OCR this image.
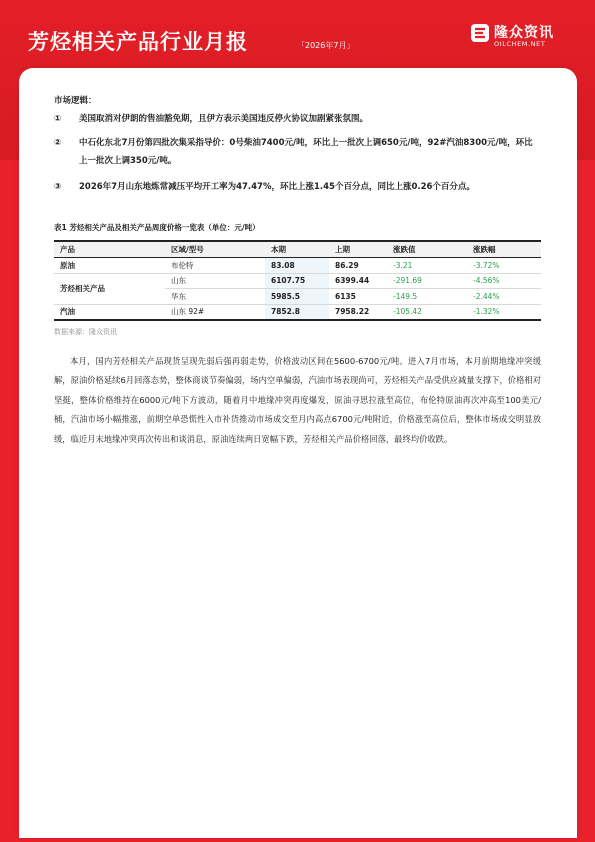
芳烃相关产品行业月报	「2026年7月」
隆众资讯
OILCHEM.NET
市场逻辑：
① 美国取消对伊朗的售油豁免期，且伊方表示美国违反停火协议加剧紧张氛围。
② 中石化东北7月份第四批次集采指导价：0号柴油7400元/吨，环比上一批次上调650元/吨，92#汽油8300元/吨，环比上一批次上调350元/吨。
③ 2026年7月山东地炼常减压平均开工率为47.47%，环比上涨1.45个百分点，同比上涨0.26个百分点。
表1 芳烃相关产品及相关产品周度价格一览表（单位：元/吨）
产品	区域/型号	本期	上期	涨跌值	涨跌幅
原油	布伦特	83.08	86.29	-3.21	-3.72%
芳烃相关产品	山东	6107.75	6399.44	-291.69	-4.56%
	华东	5985.5	6135	-149.5	-2.44%
汽油	山东 92#	7852.8	7958.22	-105.42	-1.32%
数据来源：隆众资讯
本月，国内芳烃相关产品现货呈现先弱后强再弱走势，价格波动区间在5600-6700元/吨。进入7月市场，本月前期地缘冲突缓解，原油价格延续6月回落态势，整体商谈节奏偏弱，场内空单偏弱，汽油市场表现尚可，芳烃相关产品受供应减量支撑下，价格相对坚挺，整体价格维持在6000元/吨下方波动，随着月中地缘冲突再度爆发，原油寻思拉涨至高位，布伦特原油再次冲高至100美元/桶，汽油市场小幅推涨，前期空单恐慌性入市补货推动市场成交至月内高点6700元/吨附近，价格涨至高位后，整体市场成交明显放缓，临近月末地缘冲突再次传出和谈消息，原油连续两日宽幅下跌，芳烃相关产品价格回落，最终均价收跌。
